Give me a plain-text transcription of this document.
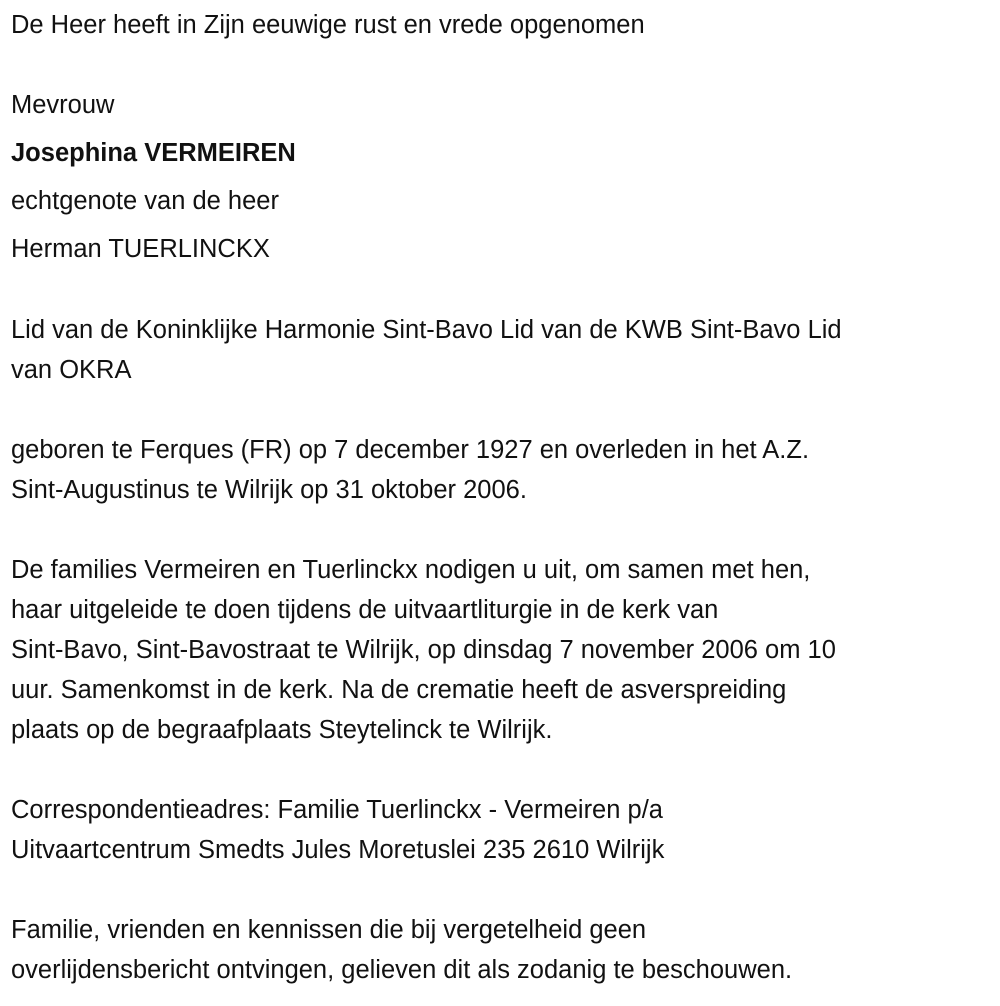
De Heer heeft in Zijn eeuwige rust en vrede opgenomen
Mevrouw
Josephina VERMEIREN
echtgenote van de heer
Herman TUERLINCKX
Lid van de Koninklijke Harmonie Sint-Bavo Lid van de KWB Sint-Bavo Lid
van OKRA
geboren te Ferques (FR) op 7 december 1927 en overleden in het A.Z.
Sint-Augustinus te Wilrijk op 31 oktober 2006.
De families Vermeiren en Tuerlinckx nodigen u uit, om samen met hen,
haar uitgeleide te doen tijdens de uitvaartliturgie in de kerk van
Sint-Bavo, Sint-Bavostraat te Wilrijk, op dinsdag 7 november 2006 om 10
uur. Samenkomst in de kerk. Na de crematie heeft de asverspreiding
plaats op de begraafplaats Steytelinck te Wilrijk.
Correspondentieadres: Familie Tuerlinckx - Vermeiren p/a
Uitvaartcentrum Smedts Jules Moretuslei 235 2610 Wilrijk
Familie, vrienden en kennissen die bij vergetelheid geen
overlijdensbericht ontvingen, gelieven dit als zodanig te beschouwen.
